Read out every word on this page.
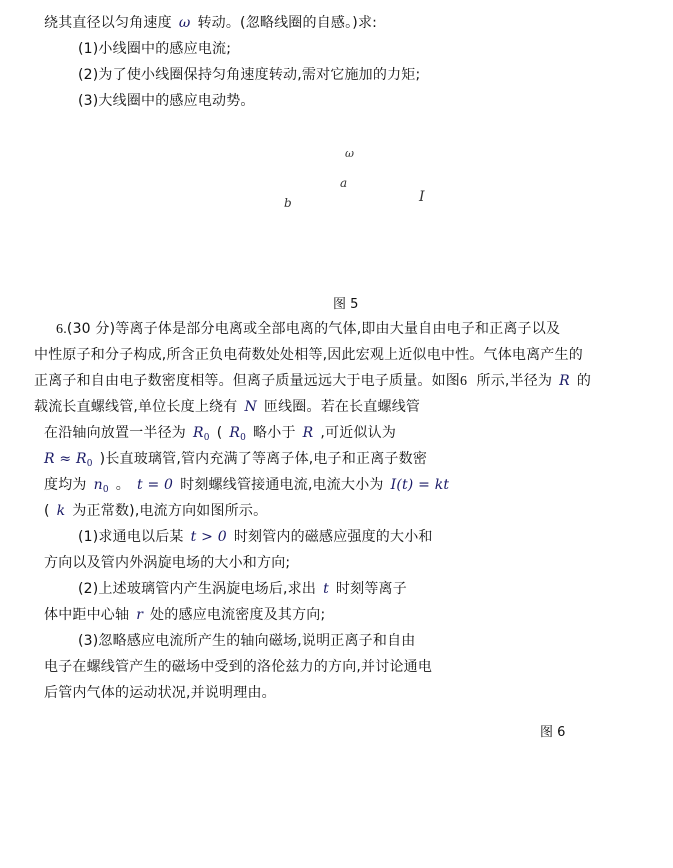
绕其直径以匀角速度 ω 转动。(忽略线圈的自感。)求:
(1)小线圈中的感应电流;
(2)为了使小线圈保持匀角速度转动,需对它施加的力矩;
(3)大线圈中的感应电动势。
ω
a
b	I
图 5
6.(30 分)等离子体是部分电离或全部电离的气体,即由大量自由电子和正离子以及
中性原子和分子构成,所含正负电荷数处处相等,因此宏观上近似电中性。气体电离产生的
正离子和自由电子数密度相等。但离子质量远远大于电子质量。如图6 所示,半径为 R 的
载流长直螺线管,单位长度上绕有 N 匝线圈。若在长直螺线管
在沿轴向放置一半径为 $R_0$ ( $R_0$ 略小于 R ,可近似认为
$R \approx R_0$ )长直玻璃管,管内充满了等离子体,电子和正离子数密
度均为 $n_0$ 。 t = 0 时刻螺线管接通电流,电流大小为 I(t) = kt
( k 为正常数),电流方向如图所示。
(1)求通电以后某 t > 0 时刻管内的磁感应强度的大小和
方向以及管内外涡旋电场的大小和方向;
(2)上述玻璃管内产生涡旋电场后,求出 t 时刻等离子
体中距中心轴 r 处的感应电流密度及其方向;
(3)忽略感应电流所产生的轴向磁场,说明正离子和自由
电子在螺线管产生的磁场中受到的洛伦兹力的方向,并讨论通电
后管内气体的运动状况,并说明理由。
图 6
